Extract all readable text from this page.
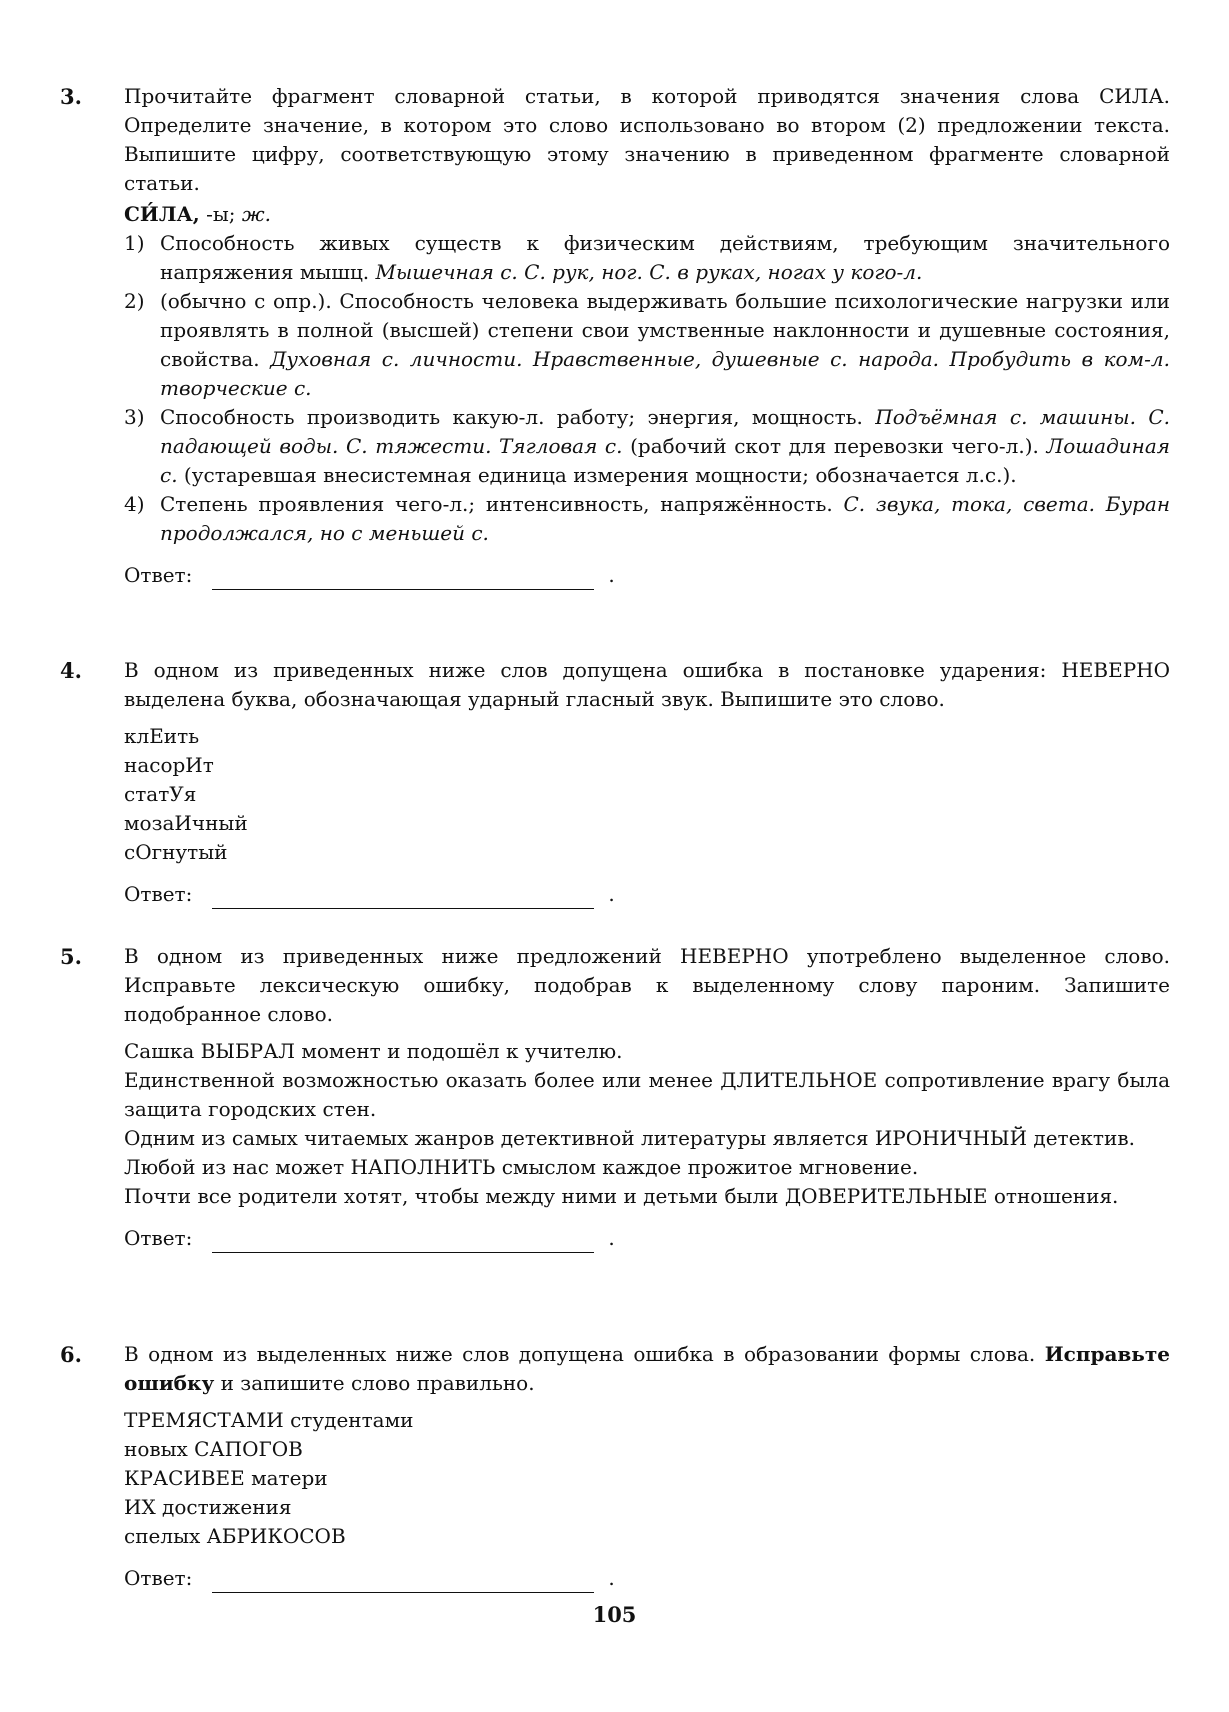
3. Прочитайте фрагмент словарной статьи, в которой приводятся значения слова СИЛА. Определите значение, в котором это слово использовано во втором (2) предложении текста. Выпишите цифру, соответствующую этому значению в приведенном фрагменте словарной статьи.

СИ́ЛА, -ы; ж.

1) Способность живых существ к физическим действиям, требующим значительного напряжения мышц. Мышечная с. С. рук, ног. С. в руках, ногах у кого-л.
2) (обычно с опр.). Способность человека выдерживать большие психологические нагрузки или проявлять в полной (высшей) степени свои умственные наклонности и душевные состояния, свойства. Духовная с. личности. Нравственные, душевные с. народа. Пробудить в ком-л. творческие с.
3) Способность производить какую-л. работу; энергия, мощность. Подъёмная с. машины. С. падающей воды. С. тяжести. Тягловая с. (рабочий скот для перевозки чего-л.). Лошадиная с. (устаревшая внесистемная единица измерения мощности; обозначается л.с.).
4) Степень проявления чего-л.; интенсивность, напряжённость. С. звука, тока, света. Буран продолжался, но с меньшей с.
Ответ:	.
4. В одном из приведенных ниже слов допущена ошибка в постановке ударения: НЕВЕРНО выделена буква, обозначающая ударный гласный звук. Выпишите это слово.

клЕить
насорИт
статУя
мозаИчный
сОгнутый
Ответ:	.
5. В одном из приведенных ниже предложений НЕВЕРНО употреблено выделенное слово. Исправьте лексическую ошибку, подобрав к выделенному слову пароним. Запишите подобранное слово.

Сашка ВЫБРАЛ момент и подошёл к учителю.

Единственной возможностью оказать более или менее ДЛИТЕЛЬНОЕ сопротивление врагу была защита городских стен.

Одним из самых читаемых жанров детективной литературы является ИРОНИЧНЫЙ детектив.

Любой из нас может НАПОЛНИТЬ смыслом каждое прожитое мгновение.

Почти все родители хотят, чтобы между ними и детьми были ДОВЕРИТЕЛЬНЫЕ отношения.

Ответ:	.
6. В одном из выделенных ниже слов допущена ошибка в образовании формы слова. Исправьте ошибку и запишите слово правильно.

ТРЕМЯСТАМИ студентами
новых САПОГОВ
КРАСИВЕЕ матери
ИХ достижения
спелых АБРИКОСОВ
Ответ:	.
105
